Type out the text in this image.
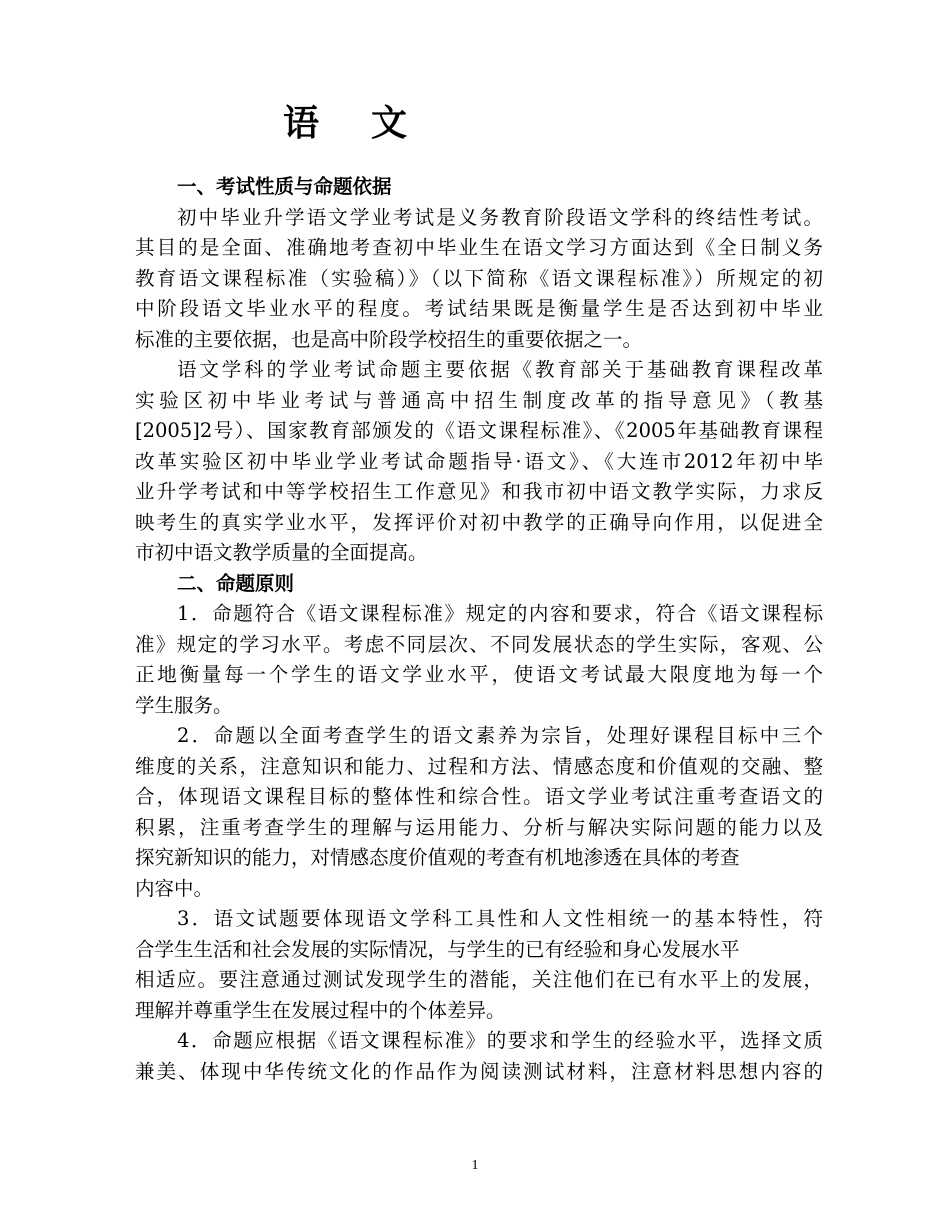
语 文
一、考试性质与命题依据
初中毕业升学语文学业考试是义务教育阶段语文学科的终结性考试。
其目的是全面、准确地考查初中毕业生在语文学习方面达到《全日制义务
教育语文课程标准（实验稿）》（以下简称《语文课程标准》）所规定的初
中阶段语文毕业水平的程度。考试结果既是衡量学生是否达到初中毕业
标准的主要依据，也是高中阶段学校招生的重要依据之一。
语文学科的学业考试命题主要依据《教育部关于基础教育课程改革
实验区初中毕业考试与普通高中招生制度改革的指导意见》（教基
[2005]2号）、国家教育部颁发的《语文课程标准》、《2005年基础教育课程
改革实验区初中毕业学业考试命题指导·语文》、《大连市2012年初中毕
业升学考试和中等学校招生工作意见》和我市初中语文教学实际，力求反
映考生的真实学业水平，发挥评价对初中教学的正确导向作用，以促进全
市初中语文教学质量的全面提高。
二、命题原则
1．命题符合《语文课程标准》规定的内容和要求，符合《语文课程标
准》规定的学习水平。考虑不同层次、不同发展状态的学生实际，客观、公
正地衡量每一个学生的语文学业水平，使语文考试最大限度地为每一个
学生服务。
2．命题以全面考查学生的语文素养为宗旨，处理好课程目标中三个
维度的关系，注意知识和能力、过程和方法、情感态度和价值观的交融、整
合，体现语文课程目标的整体性和综合性。语文学业考试注重考查语文的
积累，注重考查学生的理解与运用能力、分析与解决实际问题的能力以及
探究新知识的能力，对情感态度价值观的考查有机地渗透在具体的考查
内容中。
3．语文试题要体现语文学科工具性和人文性相统一的基本特性，符
合学生生活和社会发展的实际情况，与学生的已有经验和身心发展水平
相适应。要注意通过测试发现学生的潜能，关注他们在已有水平上的发展，
理解并尊重学生在发展过程中的个体差异。
4．命题应根据《语文课程标准》的要求和学生的经验水平，选择文质
兼美、体现中华传统文化的作品作为阅读测试材料，注意材料思想内容的
1
